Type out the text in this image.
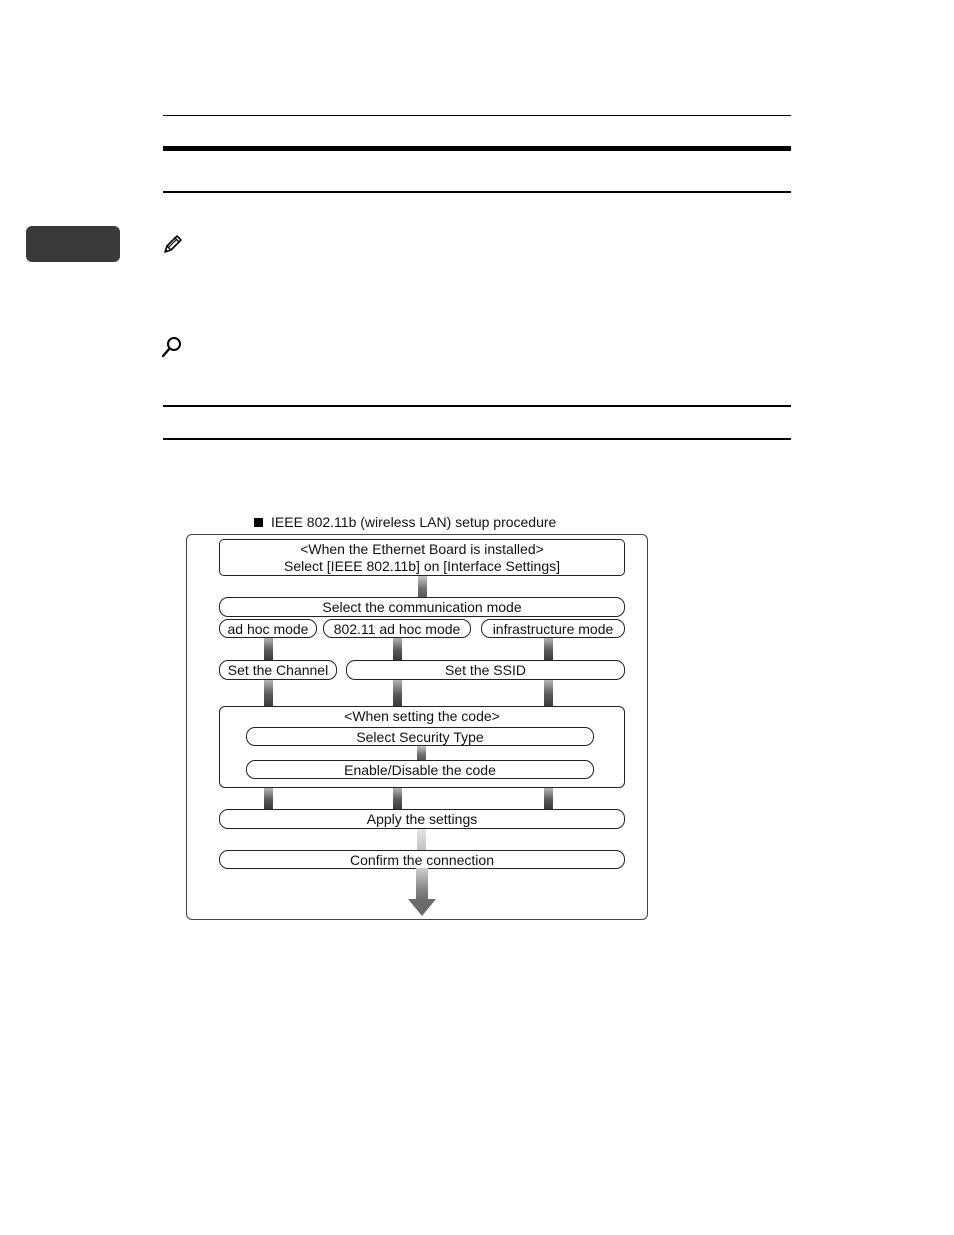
IEEE 802.11b (wireless LAN) setup procedure
<When the Ethernet Board is installed>
Select [IEEE 802.11b] on [Interface Settings]
Select the communication mode
ad hoc mode 802.11 ad hoc mode infrastructure mode
Set the Channel	Set the SSID
<When setting the code>
Select Security Type
Enable/Disable the code
Apply the settings
Confirm the connection
